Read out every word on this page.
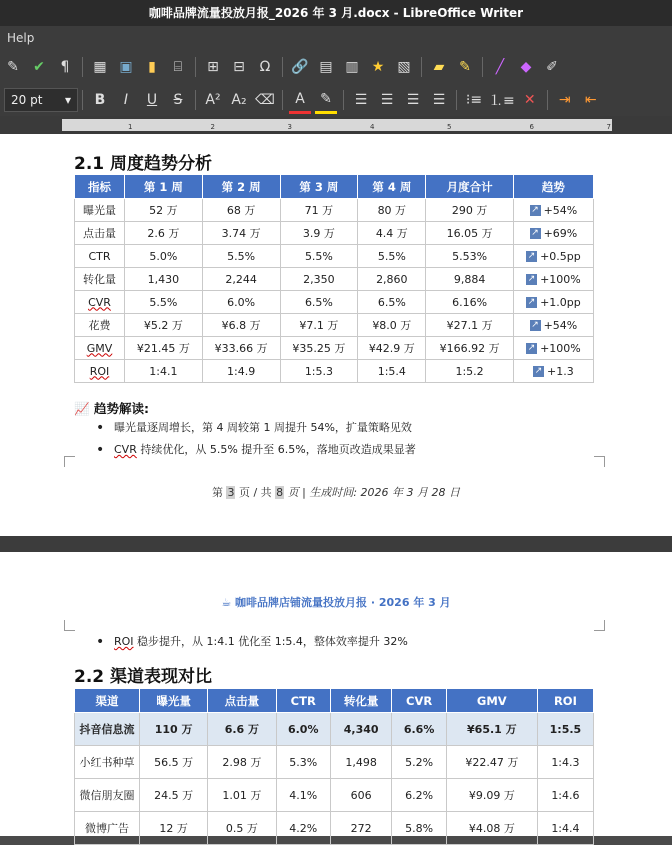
咖啡品牌流量投放月报_2026 年 3 月.docx - LibreOffice Writer
Help
✎	✔	¶	▦ ▣	▮	⌸	⊞	⊟	Ω	🔗 ▤ ▥ ★ ▧	▰	✎	╱	◆	✐
20 pt ▾	B	I	U	S	A² A₂ ⌫	A	✎	☰ ☰ ☰ ☰	⁝≡ ⒈≡ ✕	⇥	⇤
1	2	3	4	5	6	7
2.1 周度趋势分析
指标	第 1 周	第 2 周	第 3 周	第 4 周	月度合计	趋势
曝光量	52 万	68 万	71 万	80 万	290 万	↗ +54%
点击量	2.6 万	3.74 万	3.9 万	4.4 万	16.05 万	↗ +69%
CTR	5.0%	5.5%	5.5%	5.5%	5.53%	↗ +0.5pp
转化量	1,430	2,244	2,350	2,860	9,884	↗ +100%
CVR	5.5%	6.0%	6.5%	6.5%	6.16%	↗ +1.0pp
花费	¥5.2 万	¥6.8 万	¥7.1 万	¥8.0 万	¥27.1 万	↗ +54%
GMV	¥21.45 万	¥33.66 万	¥35.25 万	¥42.9 万	¥166.92 万	↗ +100%
ROI	1:4.1	1:4.9	1:5.3	1:5.4	1:5.2	↗ +1.3
📈 趋势解读:
• 曝光量逐周增长，第 4 周较第 1 周提升 54%，扩量策略见效
• CVR 持续优化，从 5.5% 提升至 6.5%，落地页改造成果显著
第 3 页 / 共 8 页 | 生成时间: 2026 年 3 月 28 日
☕ 咖啡品牌店铺流量投放月报 · 2026 年 3 月
• ROI 稳步提升，从 1:4.1 优化至 1:5.4，整体效率提升 32%
2.2 渠道表现对比
渠道	曝光量	点击量	CTR	转化量	CVR	GMV	ROI
抖音信息流	110 万	6.6 万	6.0%	4,340	6.6%	¥65.1 万	1:5.5
小红书种草	56.5 万	2.98 万	5.3%	1,498	5.2%	¥22.47 万	1:4.3
微信朋友圈	24.5 万	1.01 万	4.1%	606	6.2%	¥9.09 万	1:4.6
微博广告	12 万	0.5 万	4.2%	272	5.8%	¥4.08 万	1:4.4
